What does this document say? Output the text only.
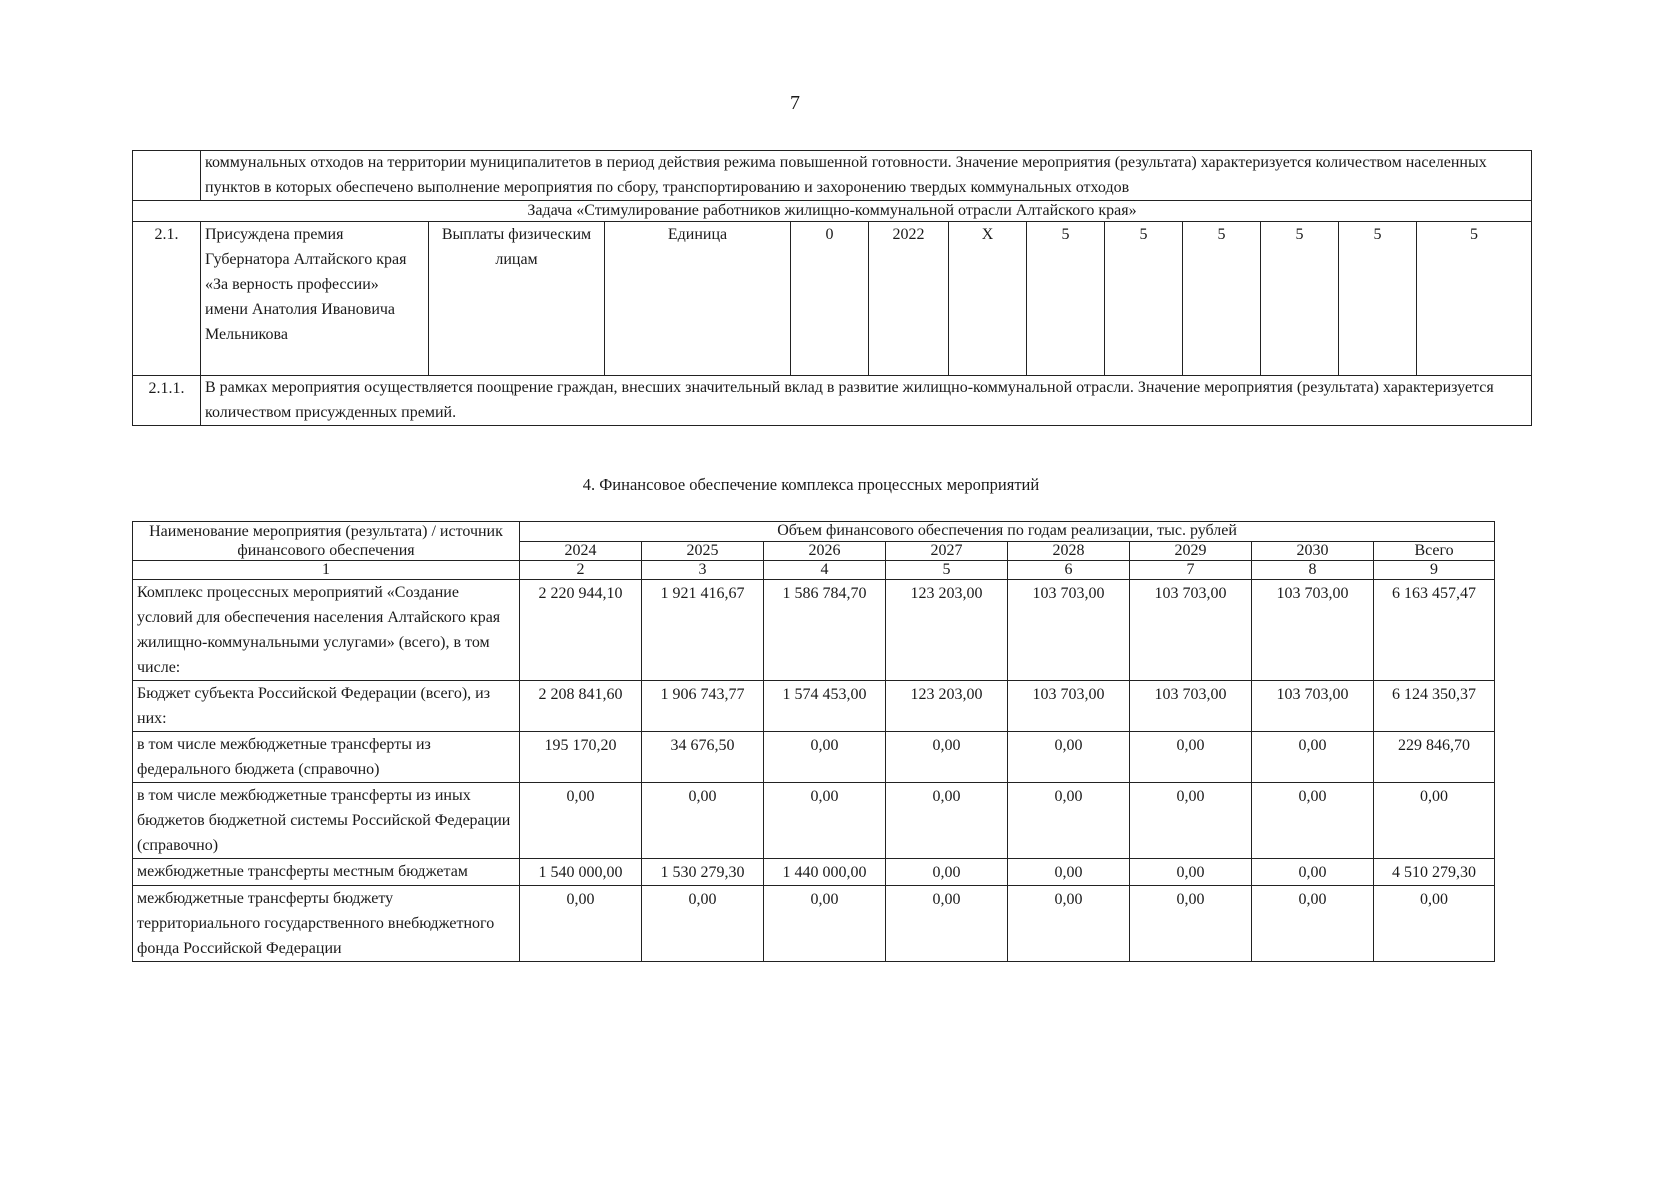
7
	коммунальных отходов на территории муниципалитетов в период действия режима повышенной готовности. Значение мероприятия (результата) характеризуется количеством населенных пунктов в которых обеспечено выполнение мероприятия по сбору, транспортированию и захоронению твердых коммунальных отходов											
Задача «Стимулирование работников жилищно-коммунальной отрасли Алтайского края»												
2.1.	Присуждена премия Губернатора Алтайского края «За верность профессии» имени Анатолия Ивановича Мельникова	Выплаты физическим лицам	Единица	0	2022	X	5	5	5	5	5	5
2.1.1.	В рамках мероприятия осуществляется поощрение граждан, внесших значительный вклад в развитие жилищно-коммунальной отрасли. Значение мероприятия (результата) характеризуется количеством присужденных премий.											
4. Финансовое обеспечение комплекса процессных мероприятий
Наименование мероприятия (результата) / источник финансового обеспечения	Объем финансового обеспечения по годам реализации, тыс. рублей							
	2024	2025	2026	2027	2028	2029	2030	Всего
1	2	3	4	5	6	7	8	9
Комплекс процессных мероприятий «Создание условий для обеспечения населения Алтайского края жилищно-коммунальными услугами» (всего), в том числе:	2 220 944,10	1 921 416,67	1 586 784,70	123 203,00	103 703,00	103 703,00	103 703,00	6 163 457,47
Бюджет субъекта Российской Федерации (всего), из них:	2 208 841,60	1 906 743,77	1 574 453,00	123 203,00	103 703,00	103 703,00	103 703,00	6 124 350,37
в том числе межбюджетные трансферты из федерального бюджета (справочно)	195 170,20	34 676,50	0,00	0,00	0,00	0,00	0,00	229 846,70
в том числе межбюджетные трансферты из иных бюджетов бюджетной системы Российской Федерации (справочно)	0,00	0,00	0,00	0,00	0,00	0,00	0,00	0,00
межбюджетные трансферты местным бюджетам	1 540 000,00	1 530 279,30	1 440 000,00	0,00	0,00	0,00	0,00	4 510 279,30
межбюджетные трансферты бюджету территориального государственного внебюджетного фонда Российской Федерации	0,00	0,00	0,00	0,00	0,00	0,00	0,00	0,00
